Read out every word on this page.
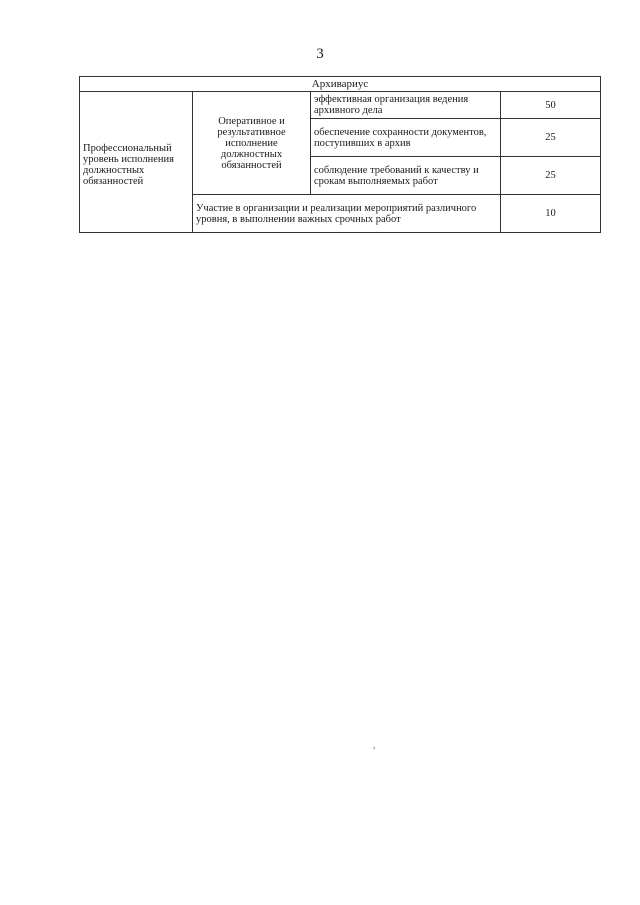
3
Архивариус			
Профессиональный уровень исполнения должностных обязанностей	Оперативное и результативное исполнение должностных обязанностей	эффективная организация ведения архивного дела	50
		обеспечение сохранности документов, поступивших в архив	25
		соблюдение требований к качеству и срокам выполняемых работ	25
	Участие в организации и реализации мероприятий различного уровня, в выполнении важных срочных работ		10
,
